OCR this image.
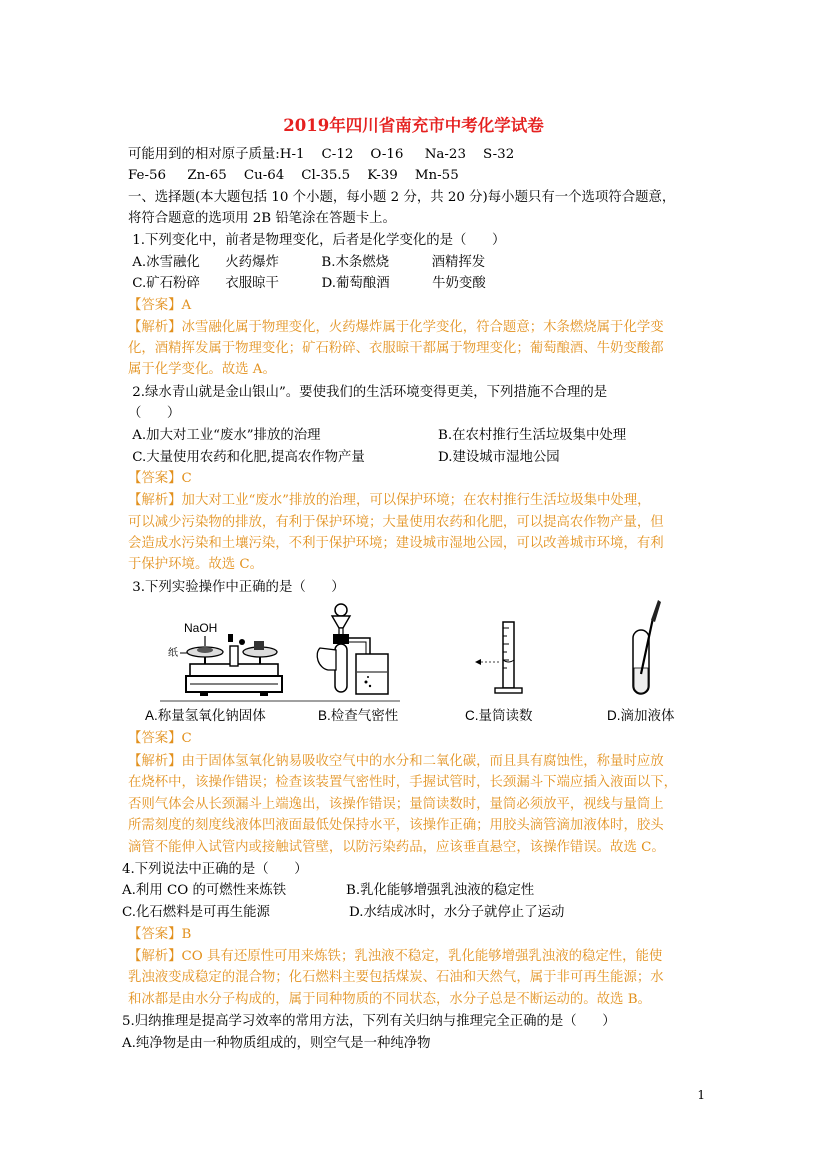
2019年四川省南充市中考化学试卷
可能用到的相对原子质量:H-1    C-12    O-16     Na-23    S-32
Fe-56     Zn-65    Cu-64    Cl-35.5    K-39    Mn-55
一、选择题(本大题包括 10 个小题，每小题 2 分，共 20 分)每小题只有一个选项符合题意，
将符合题意的选项用 2B 铅笔涂在答题卡上。
1.下列变化中，前者是物理变化，后者是化学变化的是（      ）
A.冰雪融化      火药爆炸          B.木条燃烧          酒精挥发
C.矿石粉碎      衣服晾干          D.葡萄酿酒          牛奶变酸
【答案】A
【解析】冰雪融化属于物理变化，火药爆炸属于化学变化，符合题意；木条燃烧属于化学变
化，酒精挥发属于物理变化；矿石粉碎、衣服晾干都属于物理变化；葡萄酿酒、牛奶变酸都
属于化学变化。故选 A。
2.绿水青山就是金山银山”。要使我们的生活环境变得更美，下列措施不合理的是
（      ）
A.加大对工业“废水”排放的治理	B.在农村推行生活垃圾集中处理
C.大量使用农药和化肥,提高农作物产量	D.建设城市湿地公园
【答案】C
【解析】加大对工业“废水”排放的治理，可以保护环境；在农村推行生活垃圾集中处理，
可以减少污染物的排放，有利于保护环境；大量使用农药和化肥，可以提高农作物产量，但
会造成水污染和土壤污染，不利于保护环境；建设城市湿地公园，可以改善城市环境，有利
于保护环境。故选 C。
3.下列实验操作中正确的是（      ）
NaOH
纸
A.称量氢氧化钠固体	B.检查气密性	C.量筒读数	D.滴加液体
【答案】C
【解析】由于固体氢氧化钠易吸收空气中的水分和二氧化碳，而且具有腐蚀性，称量时应放
在烧杯中，该操作错误；检查该装置气密性时，手握试管时，长颈漏斗下端应插入液面以下，
否则气体会从长颈漏斗上端逸出，该操作错误；量筒读数时，量筒必须放平，视线与量筒上
所需刻度的刻度线液体凹液面最低处保持水平，该操作正确；用胶头滴管滴加液体时，胶头
滴管不能伸入试管内或接触试管壁，以防污染药品，应该垂直悬空，该操作错误。故选 C。
4.下列说法中正确的是（      ）
A.利用 CO 的可燃性来炼铁	B.乳化能够增强乳浊液的稳定性
C.化石燃料是可再生能源	D.水结成冰时，水分子就停止了运动
【答案】B
【解析】CO 具有还原性可用来炼铁；乳浊液不稳定，乳化能够增强乳浊液的稳定性，能使
乳浊液变成稳定的混合物；化石燃料主要包括煤炭、石油和天然气，属于非可再生能源；水
和冰都是由水分子构成的，属于同种物质的不同状态，水分子总是不断运动的。故选 B。
5.归纳推理是提高学习效率的常用方法，下列有关归纳与推理完全正确的是（      ）
A.纯净物是由一种物质组成的，则空气是一种纯净物
1
